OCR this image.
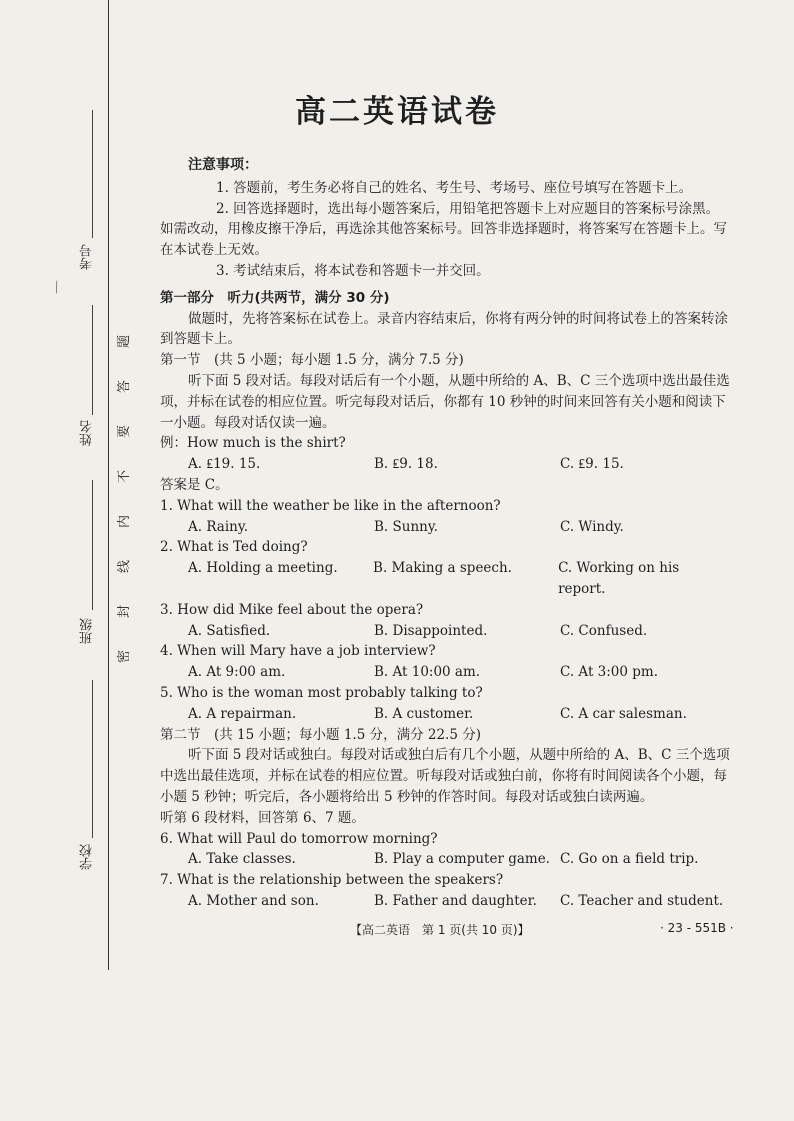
⁄
考号
姓名
班级
学校
题
答
要
不
内
线
封
密
高二英语试卷
注意事项：

1. 答题前，考生务必将自己的姓名、考生号、考场号、座位号填写在答题卡上。

2. 回答选择题时，选出每小题答案后，用铅笔把答题卡上对应题目的答案标号涂黑。如需改动，用橡皮擦干净后，再选涂其他答案标号。回答非选择题时，将答案写在答题卡上。写在本试卷上无效。

3. 考试结束后，将本试卷和答题卡一并交回。

第一部分　听力(共两节，满分 30 分)

做题时，先将答案标在试卷上。录音内容结束后，你将有两分钟的时间将试卷上的答案转涂到答题卡上。

第一节　(共 5 小题；每小题 1.5 分，满分 7.5 分)

听下面 5 段对话。每段对话后有一个小题，从题中所给的 A、B、C 三个选项中选出最佳选项，并标在试卷的相应位置。听完每段对话后，你都有 10 秒钟的时间来回答有关小题和阅读下一小题。每段对话仅读一遍。

例：How much is the shirt?

A. ₤19. 15.	B. ₤9. 18.	C. ₤9. 15.

答案是 C。

1. What will the weather be like in the afternoon?

A. Rainy.	B. Sunny.	C. Windy.

2. What is Ted doing?

A. Holding a meeting.	B. Making a speech.	C. Working on his report.

3. How did Mike feel about the opera?

A. Satisfied.	B. Disappointed.	C. Confused.

4. When will Mary have a job interview?

A. At 9:00 am.	B. At 10:00 am.	C. At 3:00 pm.

5. Who is the woman most probably talking to?

A. A repairman.	B. A customer.	C. A car salesman.

第二节　(共 15 小题；每小题 1.5 分，满分 22.5 分)

听下面 5 段对话或独白。每段对话或独白后有几个小题，从题中所给的 A、B、C 三个选项中选出最佳选项，并标在试卷的相应位置。听每段对话或独白前，你将有时间阅读各个小题，每小题 5 秒钟；听完后，各小题将给出 5 秒钟的作答时间。每段对话或独白读两遍。

听第 6 段材料，回答第 6、7 题。

6. What will Paul do tomorrow morning?

A. Take classes.	B. Play a computer game. C. Go on a field trip.

7. What is the relationship between the speakers?

A. Mother and son.	B. Father and daughter.	C. Teacher and student.
【高二英语　第 1 页(共 10 页)】	· 23 - 551B ·
